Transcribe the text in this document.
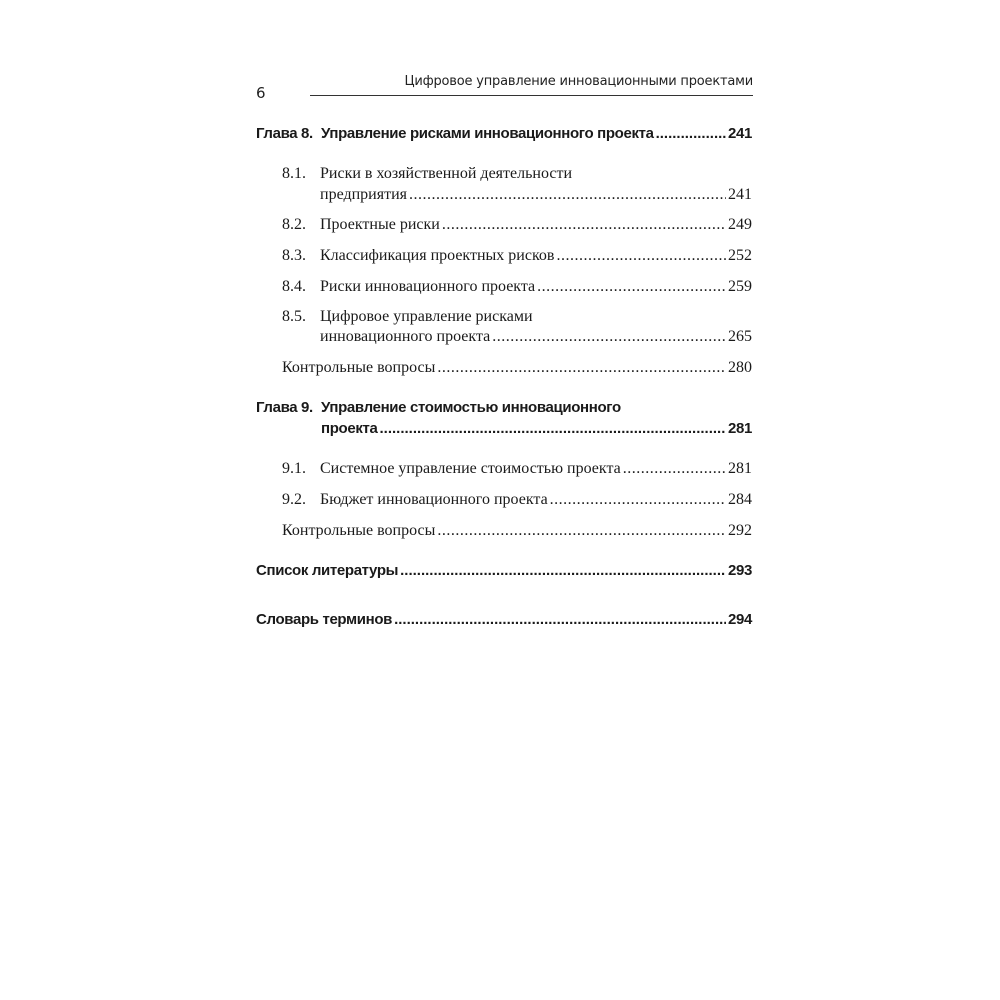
6
Цифровое управление инновационными проектами
Глава 8. Управление рисками инновационного проекта .....	241
8.1. Риски в хозяйственной деятельности
предприятия .....	241
8.2. Проектные риски .....	249
8.3. Классификация проектных рисков .....	252
8.4. Риски инновационного проекта .....	259
8.5. Цифровое управление рисками
инновационного проекта .....	265
Контрольные вопросы .....	280
Глава 9. Управление стоимостью инновационного
проекта .....	281
9.1. Системное управление стоимостью проекта .....	281
9.2. Бюджет инновационного проекта .....	284
Контрольные вопросы .....	292
Список литературы .....	293
Словарь терминов .....	294
